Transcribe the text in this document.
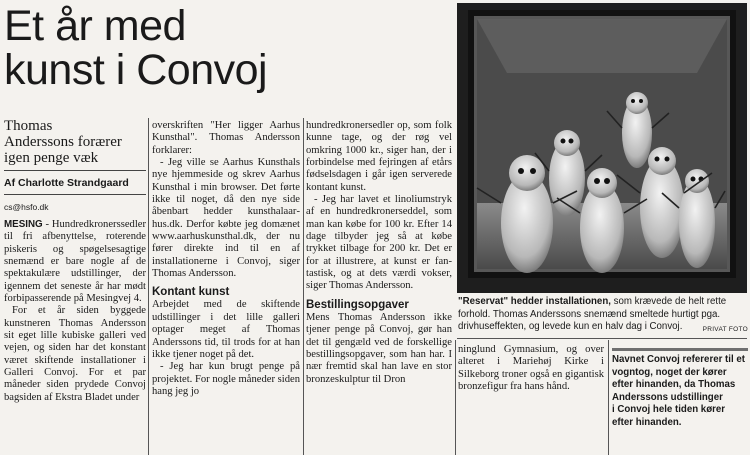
Et år med
kunst i Convoj
Thomas
Anderssons forærer
igen penge væk
Af Charlotte Strandgaard
cs@hsfo.dk

MESING - Hundredkronerssedler til fri afbenyttelse, roterende piskeris og spøgelsesagtige snemænd er bare nogle af de spektakulære udstillinger, der igennem det seneste år har mødt forbipasserende på Mesingvej 4.

For et år siden byggede kunstneren Thomas Andersson sit eget lille kubiske galleri ved vejen, og siden har det konstant været skiftende installationer i Galleri Convoj. For et par måneder siden prydede Convoj bagsiden af Ekstra Bladet under

overskriften "Her ligger Aarhus Kunsthal". Thomas Andersson forklarer:

- Jeg ville se Aarhus Kunsthals nye hjemmeside og skrev Aarhus Kunsthal i min browser. Det førte ikke til noget, då den nye side åbenbart hedder kunsthalaarhus.dk. Derfor købte jeg domænet www.aarhuskunsthal.dk, der nu fører direkte ind til en af installationerne i Convoj, siger Thomas Andersson.

Kontant kunst

Arbejdet med de skiftende udstillinger i det lille galleri optager meget af Thomas Anderssons tid, til trods for at han ikke tjener noget på det.

- Jeg har kun brugt penge på projektet. For nogle måneder siden hang jeg jo

hundredkronersedler op, som folk kunne tage, og der røg vel omkring 1000 kr., siger han, der i forbindelse med fejringen af etårs fødselsdagen i går igen serverede kontant kunst.

- Jeg har lavet et linoliumstryk af en hundredkronerseddel, som man kan købe for 100 kr. Efter 14 dage tilbyder jeg så at købe trykket tilbage for 200 kr. Det er for at illustrere, at kunst er fantastisk, og at dets værdi vokser, siger Thomas Andersson.

Bestillingsopgaver

Mens Thomas Andersson ikke tjener penge på Convoj, gør han det til gengæld ved de forskellige bestillingsopgaver, som han har. I nær fremtid skal han lave en stor bronzeskulptur til Dron

"Reservat" hedder installationen, som krævede de helt rette forhold. Thomas Anderssons snemænd smeltede hurtigt pga. drivhuseffekten, og levede kun en halv dag i Convoj.	PRIVAT FOTO

ninglund Gymnasium, og over alteret i Mariehøj Kirke i Silkeborg troner også en gigantisk bronzefigur fra hans hånd.

Navnet Convoj refererer til et
vogntog, noget der kører
efter hinanden, da Thomas
Anderssons udstillinger
i Convoj hele tiden kører
efter hinanden.
